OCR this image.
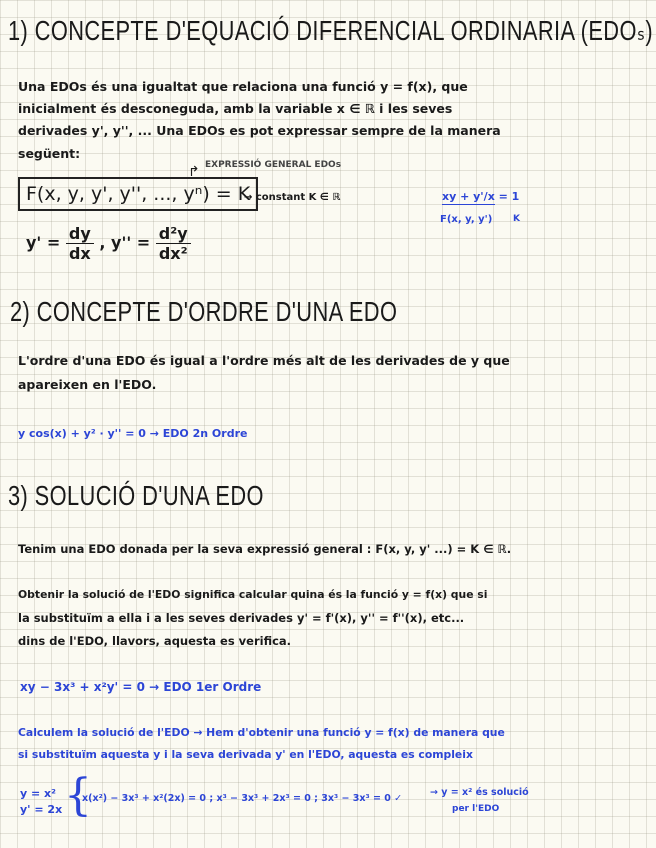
1) CONCEPTE D'EQUACIÓ DIFERENCIAL ORDINARIA (EDOₛ)
Una EDOs és una igualtat que relaciona una funció y = f(x), que
inicialment és desconeguda, amb la variable x ∈ ℝ i les seves
derivades y', y'', ... Una EDOs es pot expressar sempre de la manera
següent:
EXPRESSIÓ GENERAL EDOs
↱
F(x, y, y', y'', ..., yⁿ) = K
→ constant K ∈ ℝ
$y' = \frac{dy}{dx}$ , $y'' = \frac{\text{d²y}}{\text{dx²}}$
xy + y'/x = 1
F(x, y, y') K
2) CONCEPTE D'ORDRE D'UNA EDO
L'ordre d'una EDO és igual a l'ordre més alt de les derivades de y que
apareixen en l'EDO.
y cos(x) + y² · y'' = 0 → EDO 2n Ordre
3) SOLUCIÓ D'UNA EDO
Tenim una EDO donada per la seva expressió general : F(x, y, y' ...) = K ∈ ℝ.
Obtenir la solució de l'EDO significa calcular quina és la funció y = f(x) que si
la substituïm a ella i a les seves derivades y' = f'(x), y'' = f''(x), etc...
dins de l'EDO, llavors, aquesta es verifica.
xy − 3x³ + x²y' = 0 → EDO 1er Ordre
Calculem la solució de l'EDO → Hem d'obtenir una funció y = f(x) de manera que
si substituïm aquesta y i la seva derivada y' en l'EDO, aquesta es compleix
y = x²
y' = 2x {
x(x²) − 3x³ + x²(2x) = 0 ; x³ − 3x³ + 2x³ = 0 ; 3x³ − 3x³ = 0 ✓
→ y = x² és solució
per l'EDO
